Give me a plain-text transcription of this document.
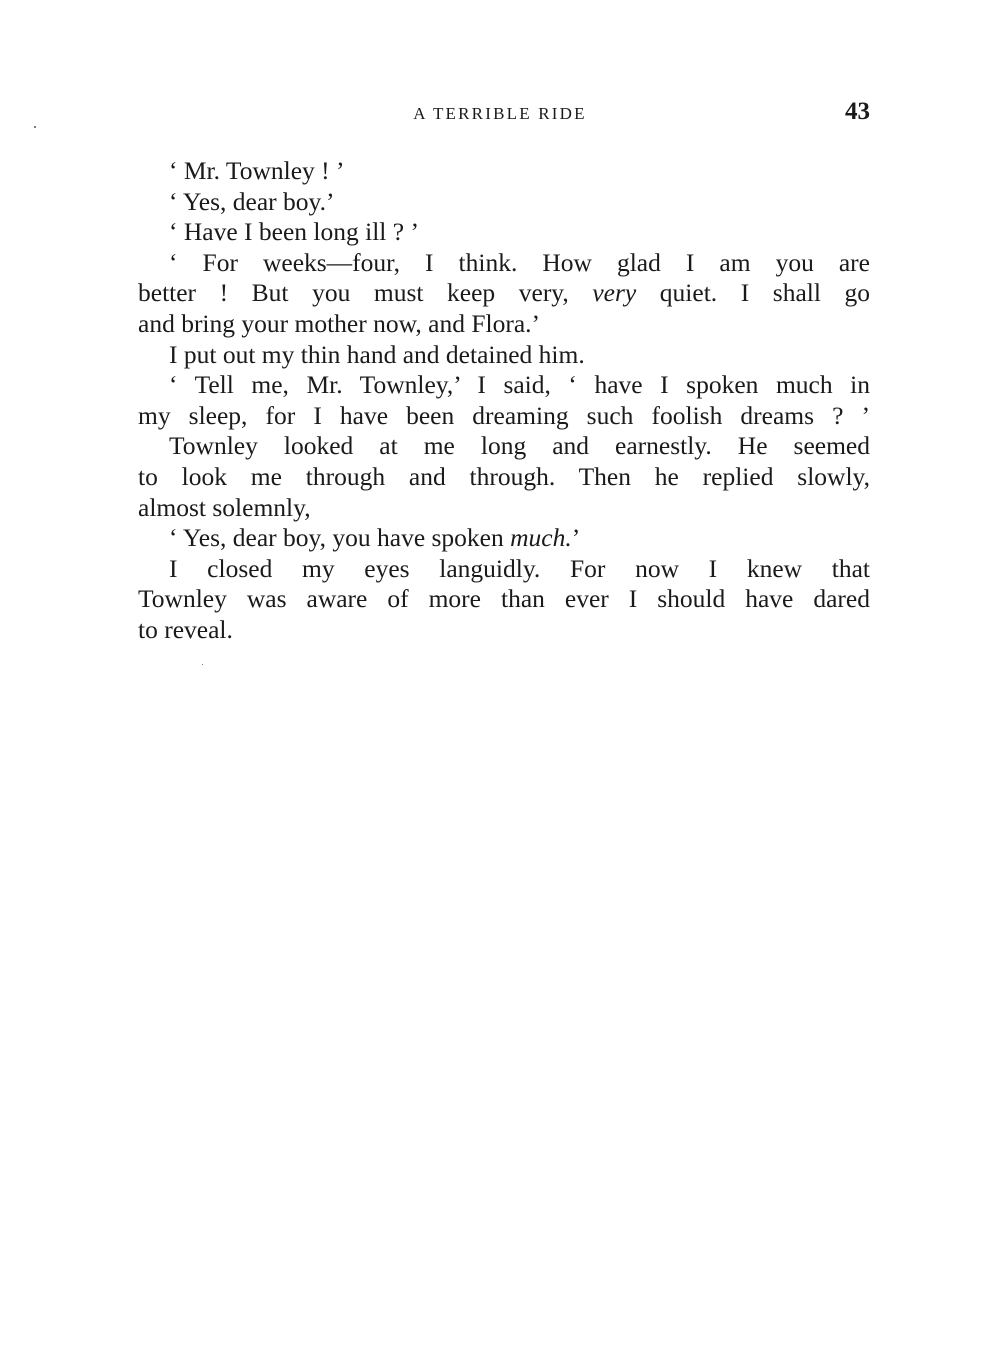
A TERRIBLE RIDE	43
‘ Mr. Townley ! ’
‘ Yes, dear boy.’
‘ Have I been long ill ? ’
‘ For weeks—four, I think. How glad I am you are
better ! But you must keep very, very quiet. I shall go
and bring your mother now, and Flora.’
I put out my thin hand and detained him.
‘ Tell me, Mr. Townley,’ I said, ‘ have I spoken much in
my sleep, for I have been dreaming such foolish dreams ? ’
Townley looked at me long and earnestly. He seemed
to look me through and through. Then he replied slowly,
almost solemnly,
‘ Yes, dear boy, you have spoken much.’
I closed my eyes languidly. For now I knew that
Townley was aware of more than ever I should have dared
to reveal.
